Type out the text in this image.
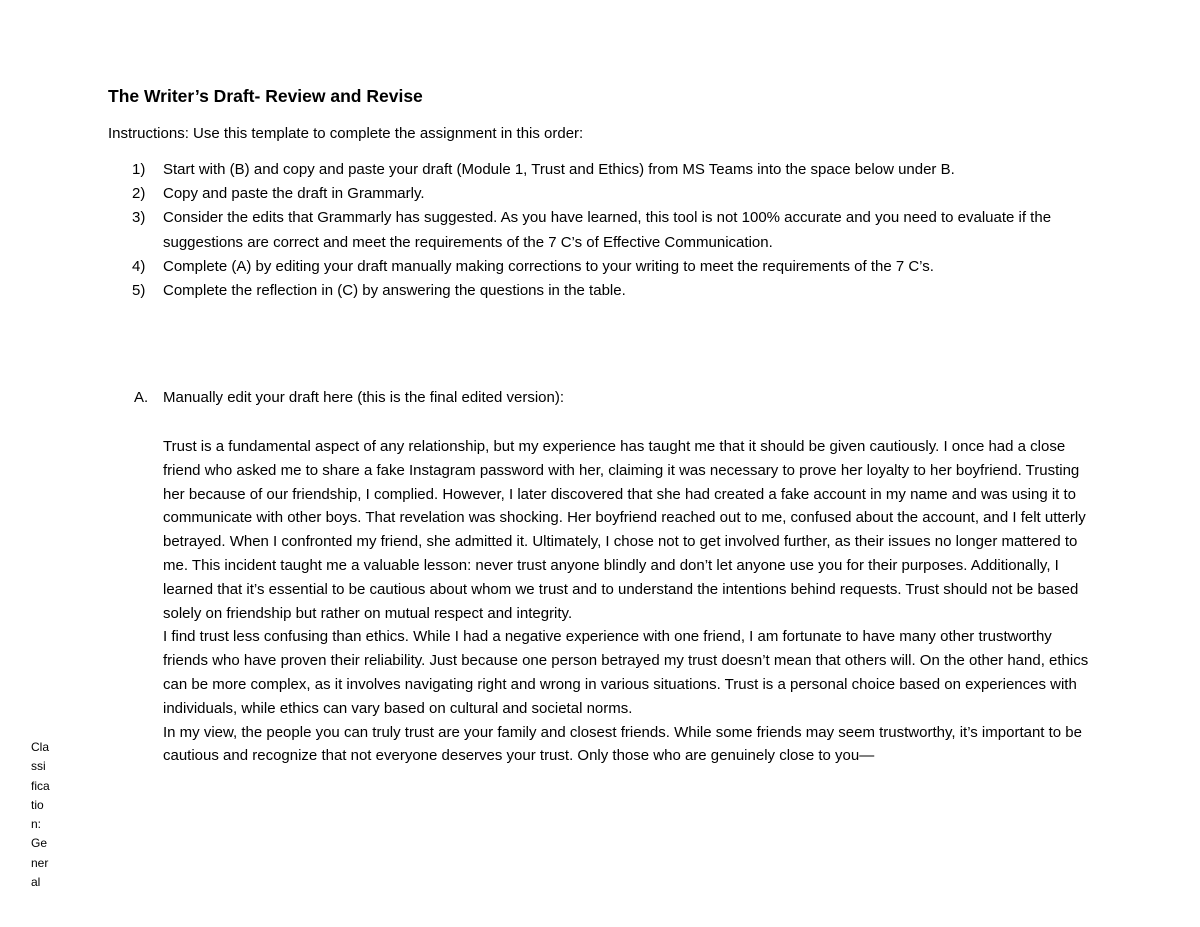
The Writer’s Draft- Review and Revise
Instructions: Use this template to complete the assignment in this order:
1) Start with (B) and copy and paste your draft (Module 1, Trust and Ethics) from MS Teams into the space below under B.
2) Copy and paste the draft in Grammarly.
3) Consider the edits that Grammarly has suggested. As you have learned, this tool is not 100% accurate and you need to evaluate if the suggestions are correct and meet the requirements of the 7 C’s of Effective Communication.
4) Complete (A) by editing your draft manually making corrections to your writing to meet the requirements of the 7 C’s.
5) Complete the reflection in (C) by answering the questions in the table.
A. Manually edit your draft here (this is the final edited version):

Trust is a fundamental aspect of any relationship, but my experience has taught me that it should be given cautiously. I once had a close friend who asked me to share a fake Instagram password with her, claiming it was necessary to prove her loyalty to her boyfriend. Trusting her because of our friendship, I complied. However, I later discovered that she had created a fake account in my name and was using it to communicate with other boys. That revelation was shocking. Her boyfriend reached out to me, confused about the account, and I felt utterly betrayed. When I confronted my friend, she admitted it. Ultimately, I chose not to get involved further, as their issues no longer mattered to me. This incident taught me a valuable lesson: never trust anyone blindly and don’t let anyone use you for their purposes. Additionally, I learned that it’s essential to be cautious about whom we trust and to understand the intentions behind requests. Trust should not be based solely on friendship but rather on mutual respect and integrity.

I find trust less confusing than ethics. While I had a negative experience with one friend, I am fortunate to have many other trustworthy friends who have proven their reliability. Just because one person betrayed my trust doesn’t mean that others will. On the other hand, ethics can be more complex, as it involves navigating right and wrong in various situations. Trust is a personal choice based on experiences with individuals, while ethics can vary based on cultural and societal norms.

In my view, the people you can truly trust are your family and closest friends. While some friends may seem trustworthy, it’s important to be cautious and recognize that not everyone deserves your trust. Only those who are genuinely close to you—

Cla
ssi
fica
tio
n:
Ge
ner
al
